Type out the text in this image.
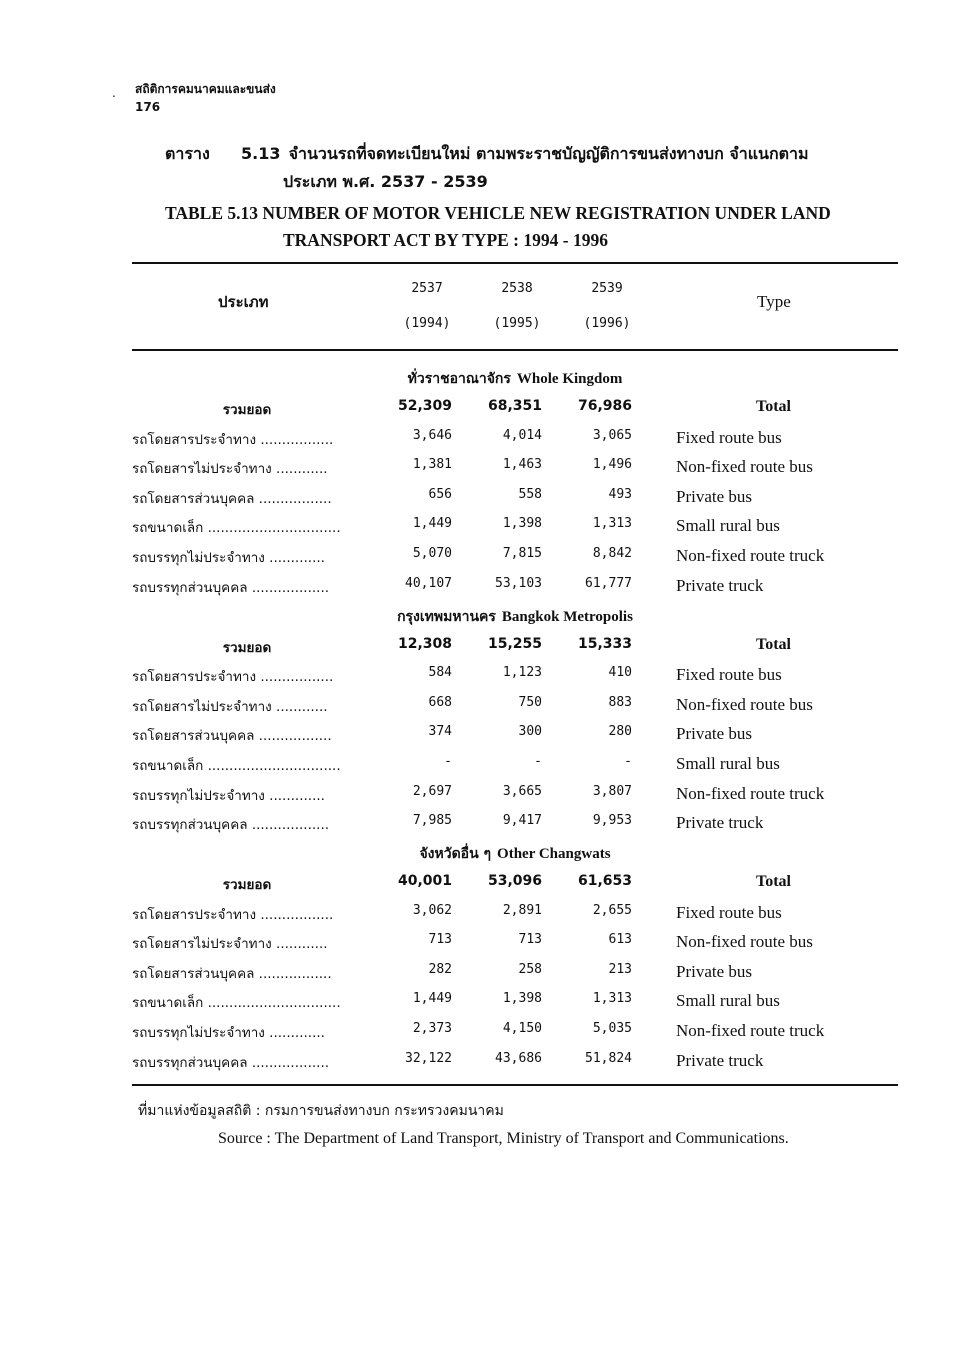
. สถิติการคมนาคมและขนส่ง
176
ตาราง 5.13 จำนวนรถที่จดทะเบียนใหม่ ตามพระราชบัญญัติการขนส่งทางบก จำแนกตาม
ประเภท พ.ศ. 2537 - 2539
TABLE 5.13 NUMBER OF MOTOR VEHICLE NEW REGISTRATION UNDER LAND
TRANSPORT ACT BY TYPE : 1994 - 1996
ประเภท
2537	2538	2539
(1994)	(1995)	(1996)
Type
ทั่วราชอาณาจักร Whole Kingdom
รวมยอด	52,309	68,351	76,986	Total
รถโดยสารประจำทาง .................	3,646	4,014	3,065	Fixed route bus
รถโดยสารไม่ประจำทาง ............	1,381	1,463	1,496	Non-fixed route bus
รถโดยสารส่วนบุคคล .................	656	558	493	Private bus
รถขนาดเล็ก ...............................	1,449	1,398	1,313	Small rural bus
รถบรรทุกไม่ประจำทาง .............	5,070	7,815	8,842	Non-fixed route truck
รถบรรทุกส่วนบุคคล ..................	40,107	53,103	61,777	Private truck
กรุงเทพมหานคร Bangkok Metropolis
รวมยอด	12,308	15,255	15,333	Total
รถโดยสารประจำทาง .................	584	1,123	410	Fixed route bus
รถโดยสารไม่ประจำทาง ............	668	750	883	Non-fixed route bus
รถโดยสารส่วนบุคคล .................	374	300	280	Private bus
รถขนาดเล็ก ...............................	-	-	-	Small rural bus
รถบรรทุกไม่ประจำทาง .............	2,697	3,665	3,807	Non-fixed route truck
รถบรรทุกส่วนบุคคล ..................	7,985	9,417	9,953	Private truck
จังหวัดอื่น ๆ Other Changwats
รวมยอด	40,001	53,096	61,653	Total
รถโดยสารประจำทาง .................	3,062	2,891	2,655	Fixed route bus
รถโดยสารไม่ประจำทาง ............	713	713	613	Non-fixed route bus
รถโดยสารส่วนบุคคล .................	282	258	213	Private bus
รถขนาดเล็ก ...............................	1,449	1,398	1,313	Small rural bus
รถบรรทุกไม่ประจำทาง .............	2,373	4,150	5,035	Non-fixed route truck
รถบรรทุกส่วนบุคคล ..................	32,122	43,686	51,824	Private truck
ที่มาแห่งข้อมูลสถิติ : กรมการขนส่งทางบก กระทรวงคมนาคม
Source : The Department of Land Transport, Ministry of Transport and Communications.
